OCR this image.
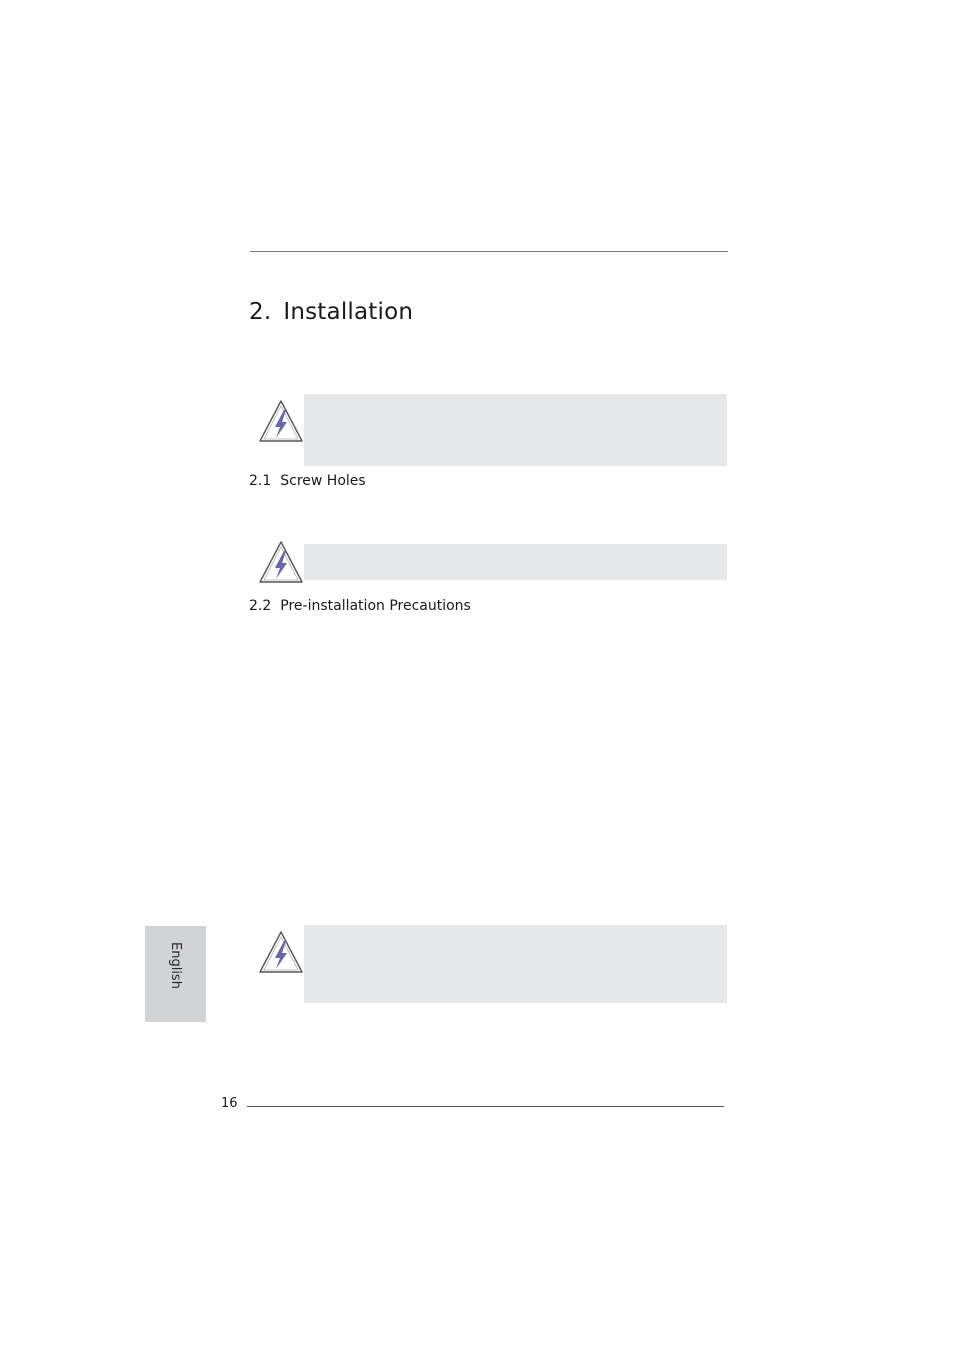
2. Installation
2.1 Screw Holes
2.2 Pre-installation Precautions
English
16
